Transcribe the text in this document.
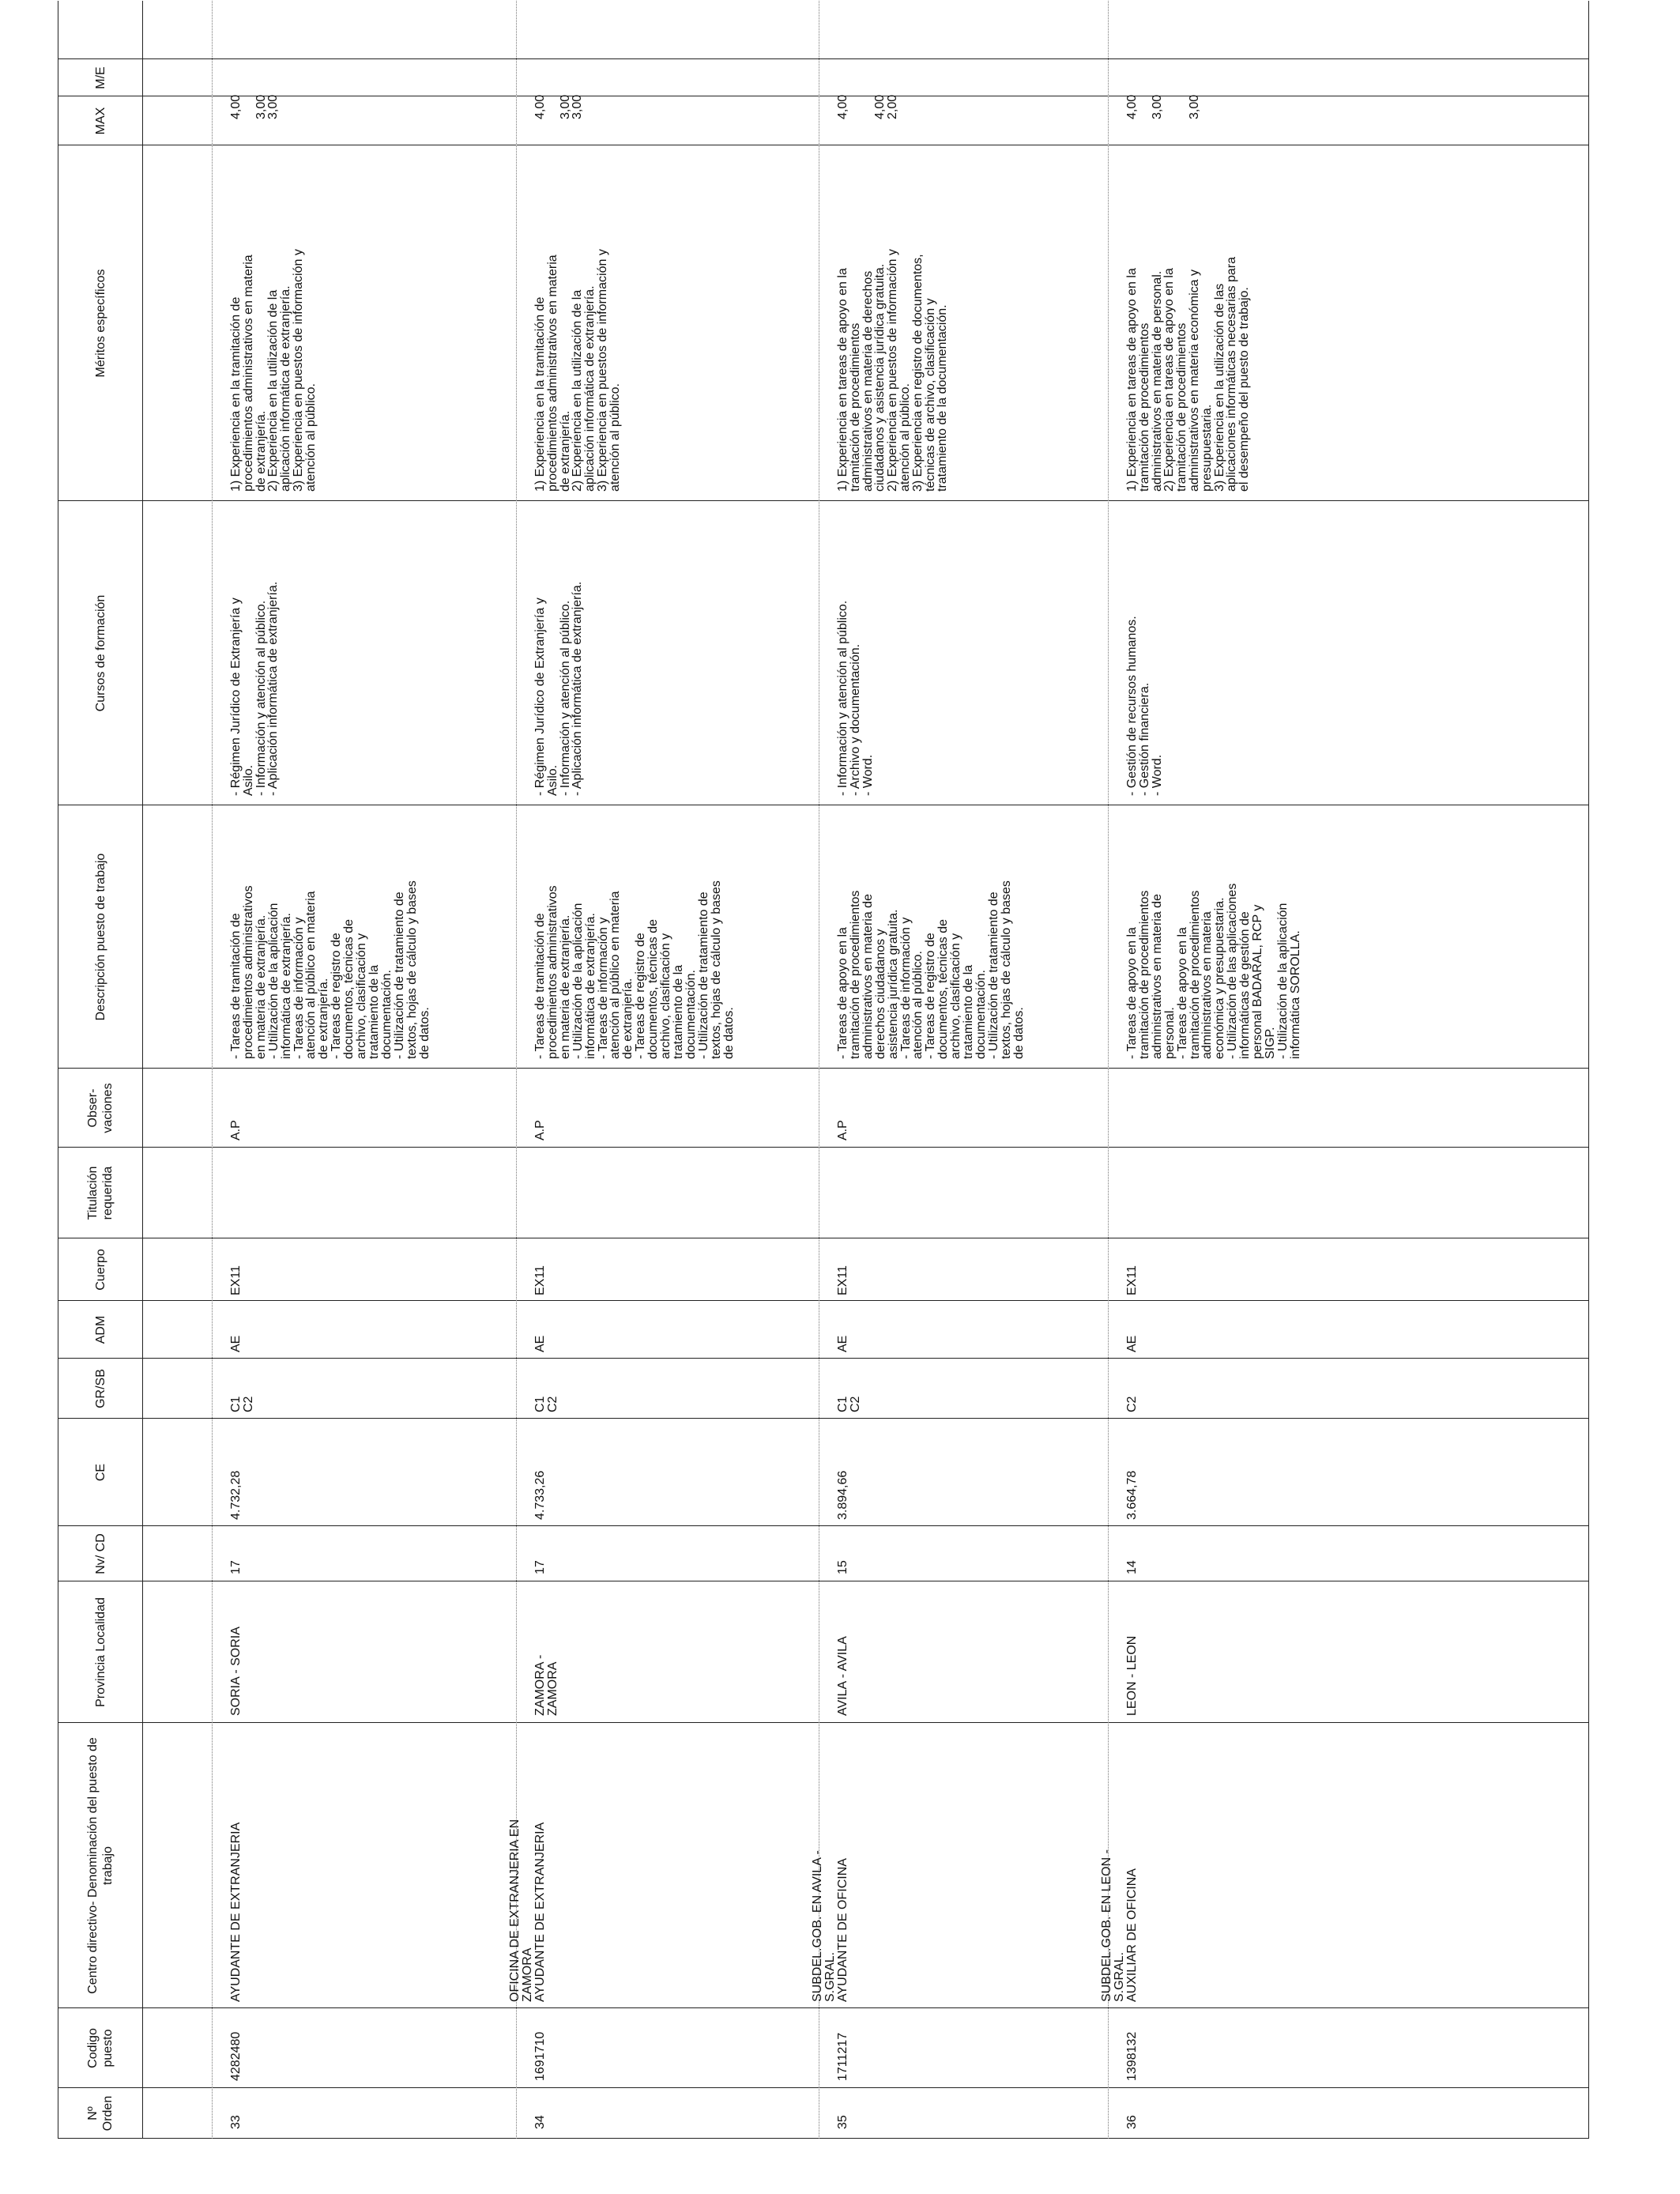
Nº Orden
Codigo puesto
Centro directivo- Denominación del puesto de trabajo
Provincia Localidad
Nv/ CD
CE
GR/SB
ADM
Cuerpo
Titulación requerida
Obser- vaciones
Descripción puesto de trabajo
Cursos de formación
Méritos específicos
MAX
M/E
33
4282480
AYUDANTE DE EXTRANJERIA
SORIA - SORIA
17
4.732,28
C1
C2
AE
EX11
A.P
- Tareas de tramitación de
procedimientos administrativos
en materia de extranjería.
- Utilización de la aplicación
informática de extranjería.
- Tareas de información y
atención al público en materia
de extranjería.
- Tareas de registro de
documentos, técnicas de
archivo, clasificación y
tratamiento de la
documentación.
- Utilización de tratamiento de
textos, hojas de cálculo y bases
de datos.
- Régimen Jurídico de Extranjería y
Asilo.
- Información y atención al público.
- Aplicación informática de extranjería.
1) Experiencia en la tramitación de
procedimientos administrativos en materia
de extranjería.
2) Experiencia en la utilización de la
aplicación informática de extranjería.
3) Experiencia en puestos de información y
atención al público.
4,00

3,00
3,00
34
1691710
OFICINA DE EXTRANJERIA EN
ZAMORA AYUDANTE DE EXTRANJERIA
ZAMORA -
ZAMORA
17
4.733,26
C1
C2
AE
EX11
A.P
- Tareas de tramitación de
procedimientos administrativos
en materia de extranjería.
- Utilización de la aplicación
informática de extranjería.
- Tareas de información y
atención al público en materia
de extranjería.
- Tareas de registro de
documentos, técnicas de
archivo, clasificación y
tratamiento de la
documentación.
- Utilización de tratamiento de
textos, hojas de cálculo y bases
de datos.
- Régimen Jurídico de Extranjería y
Asilo.
- Información y atención al público.
- Aplicación informática de extranjería.
1) Experiencia en la tramitación de
procedimientos administrativos en materia
de extranjería.
2) Experiencia en la utilización de la
aplicación informática de extranjería.
3) Experiencia en puestos de información y
atención al público.
4,00

3,00
3,00
35
1711217
SUBDEL.GOB. EN AVILA -
S.GRAL. AYUDANTE DE OFICINA
AVILA - AVILA
15
3.894,66
C1
C2
AE
EX11
A.P
- Tareas de apoyo en la
tramitación de procedimientos
administrativos en materia de
derechos ciudadanos y
asistencia jurídica gratuita.
- Tareas de información y
atención al público.
- Tareas de registro de
documentos, técnicas de
archivo, clasificación y
tratamiento de la
documentación.
- Utilización de tratamiento de
textos, hojas de cálculo y bases
de datos.
- Información y atención al público.
- Archivo y documentación.
- Word.
1) Experiencia en tareas de apoyo en la
tramitación de procedimientos
administrativos en materia de derechos
ciudadanos y asistencia jurídica gratuita.
2) Experiencia en puestos de información y
atención al público.
3) Experiencia en registro de documentos,
técnicas de archivo, clasificación y
tratamiento de la documentación.
4,00

4,00
2,00
36
1398132
SUBDEL.GOB. EN LEON -
S.GRAL. AUXILIAR DE OFICINA
LEON - LEON
14
3.664,78
C2
AE
EX11
- Tareas de apoyo en la
tramitación de procedimientos
administrativos en materia de
personal.
- Tareas de apoyo en la
tramitación de procedimientos
administrativos en materia
económica y presupuestaria.
- Utilización de las aplicaciones
informáticas de gestión de
personal BADARAL, RCP y
SIGP.
- Utilización de la aplicación
informática SOROLLA.
- Gestión de recursos humanos.
- Gestión financiera.
- Word.
1) Experiencia en tareas de apoyo en la
tramitación de procedimientos
administrativos en materia de personal.
2) Experiencia en tareas de apoyo en la
tramitación de procedimientos
administrativos en materia económica y
presupuestaria.
3) Experiencia en la utilización de las
aplicaciones informáticas necesarias para
el desempeño del puesto de trabajo.
4,00

3,00

3,00
